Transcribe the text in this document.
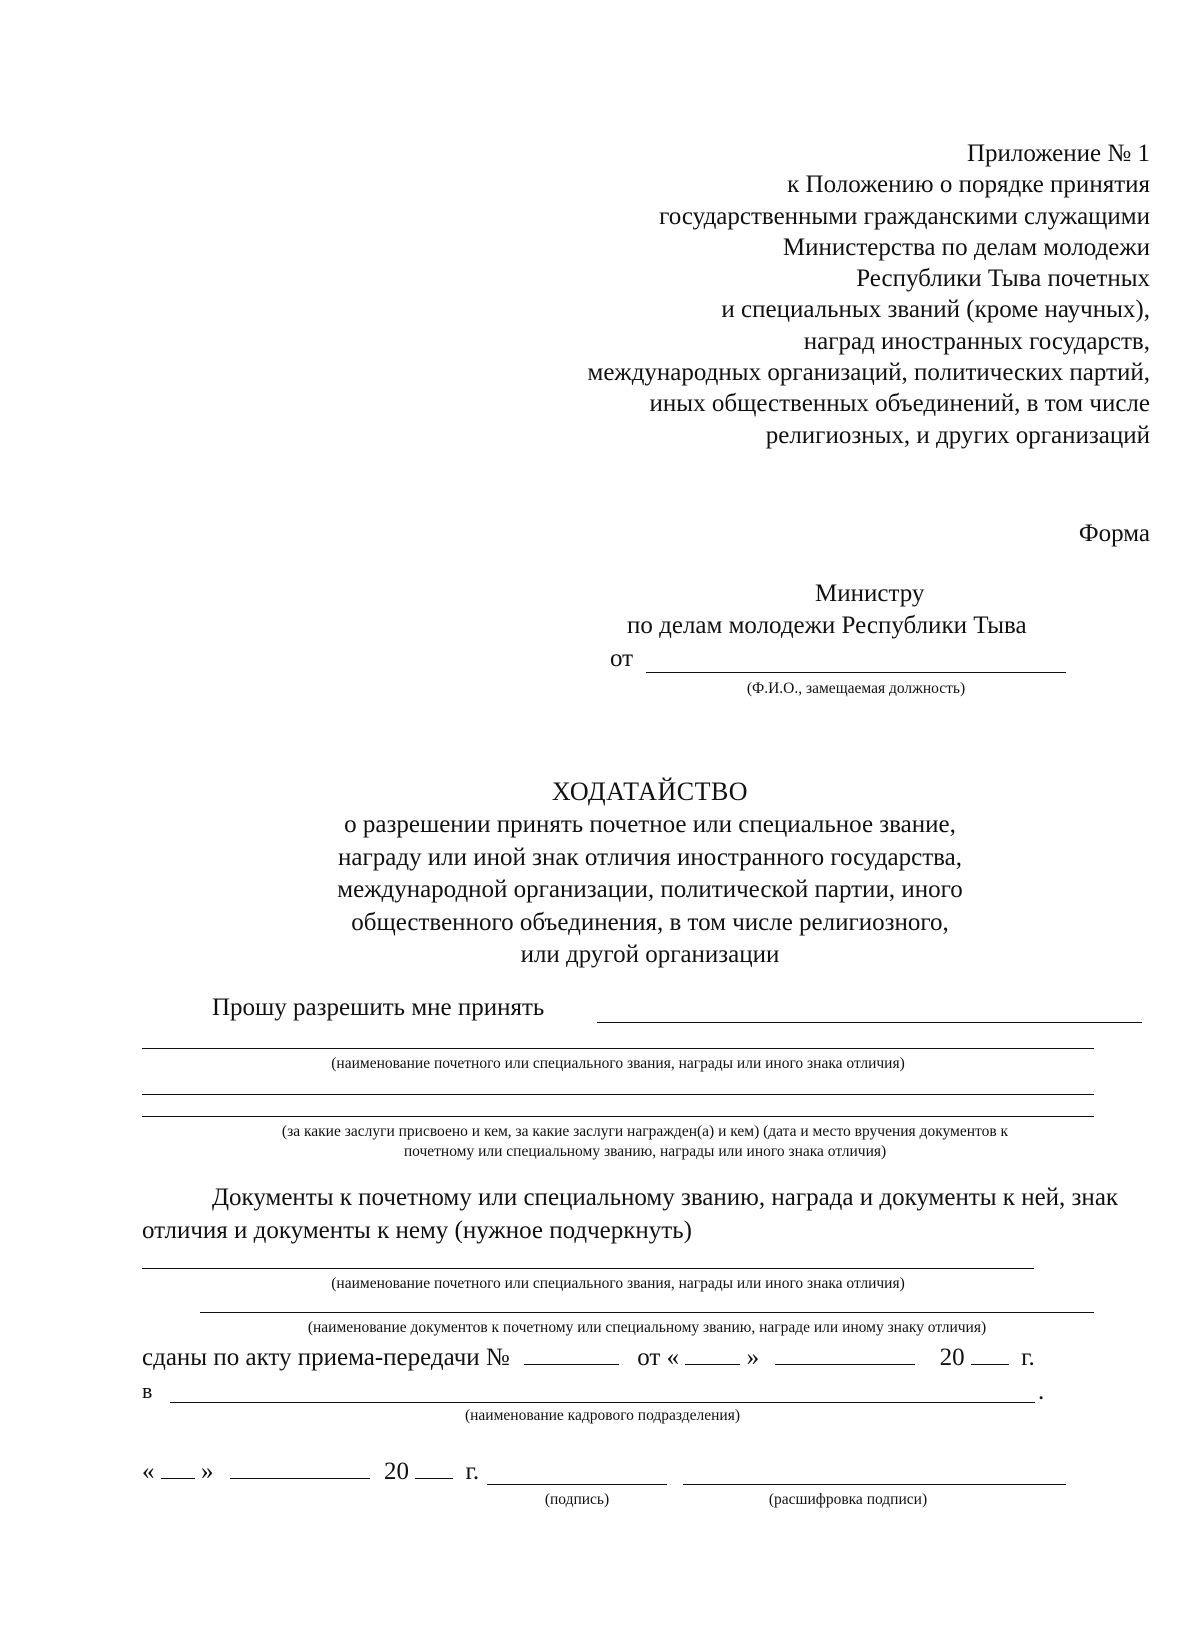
Приложение № 1
к Положению о порядке принятия
государственными гражданскими служащими
Министерства по делам молодежи
Республики Тыва почетных
и специальных званий (кроме научных),
наград иностранных государств,
международных организаций, политических партий,
иных общественных объединений, в том числе
религиозных, и других организаций
Форма
Министру
по делам молодежи Республики Тыва
от
(Ф.И.О., замещаемая должность)
ХОДАТАЙСТВО
о разрешении принять почетное или специальное звание,
награду или иной знак отличия иностранного государства,
международной организации, политической партии, иного
общественного объединения, в том числе религиозного,
или другой организации
Прошу разрешить мне принять
(наименование почетного или специального звания, награды или иного знака отличия)
(за какие заслуги присвоено и кем, за какие заслуги награжден(а) и кем) (дата и место вручения документов к
почетному или специальному званию, награды или иного знака отличия)
Документы к почетному или специальному званию, награда и документы к ней, знак отличия и документы к нему (нужное подчеркнуть)
(наименование почетного или специального звания, награды или иного знака отличия)
(наименование документов к почетному или специальному званию, награде или иному знаку отличия)
сданы по акту приема-передачи №	от «	»	20 г.
в	.
(наименование кадрового подразделения)
« »	20 г.
(подпись)	(расшифровка подписи)
